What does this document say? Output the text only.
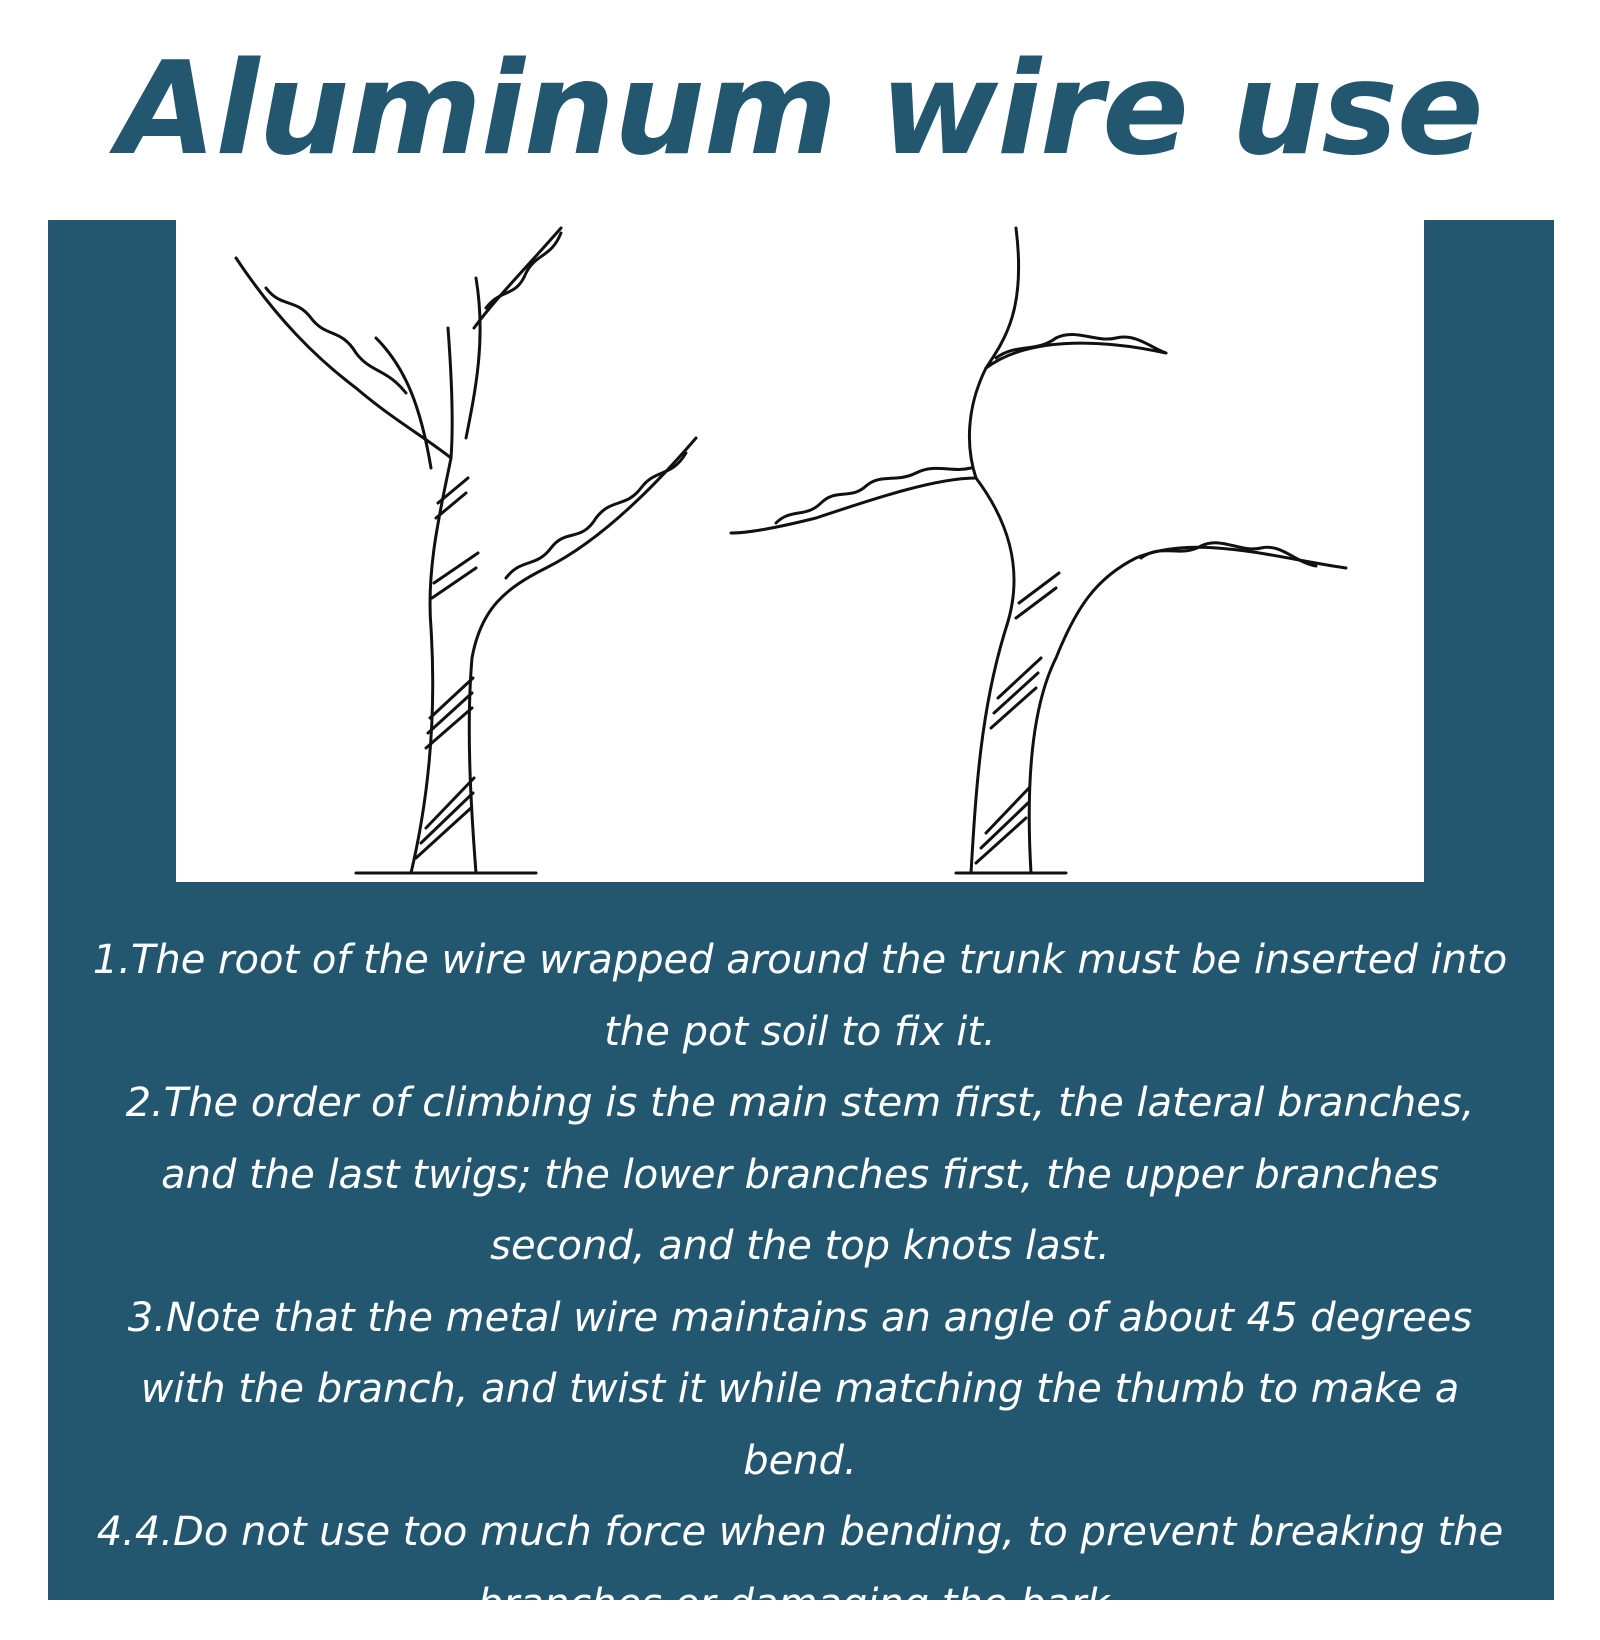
Aluminum wire use

1.The root of the wire wrapped around the trunk must be inserted into the pot soil to fix it.

2.The order of climbing is the main stem first, the lateral branches, and the last twigs; the lower branches first, the upper branches second, and the top knots last.

3.Note that the metal wire maintains an angle of about 45 degrees with the branch, and twist it while matching the thumb to make a bend.

4.4.Do not use too much force when bending, to prevent breaking the branches or damaging the bark.
